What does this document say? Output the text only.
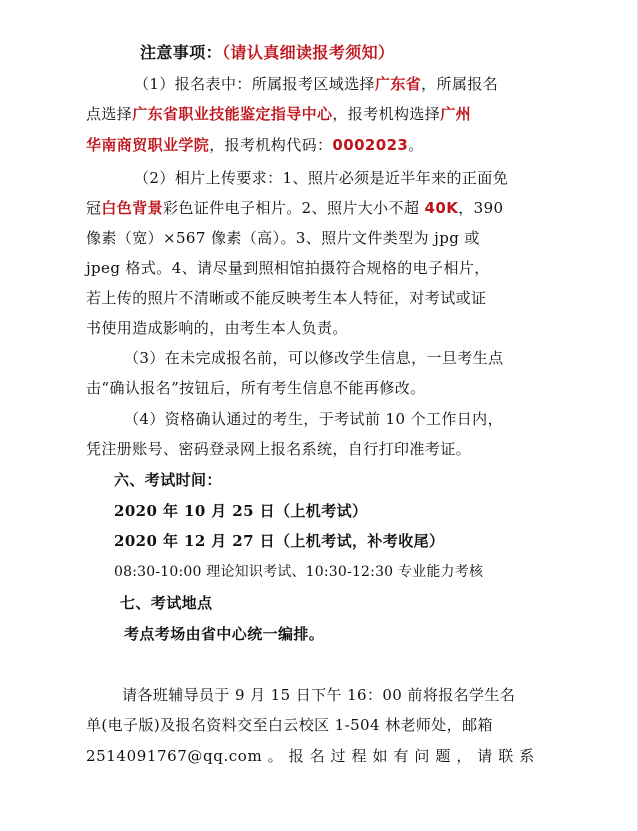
注意事项：（请认真细读报考须知）
（1）报名表中：所属报考区域选择广东省，所属报名
点选择广东省职业技能鉴定指导中心，报考机构选择广州
华南商贸职业学院，报考机构代码：0002023。
（2）相片上传要求：1、照片必须是近半年来的正面免
冠白色背景彩色证件电子相片。2、照片大小不超 40K，390
像素（宽）×567 像素（高）。3、照片文件类型为 jpg 或
jpeg 格式。4、请尽量到照相馆拍摄符合规格的电子相片，
若上传的照片不清晰或不能反映考生本人特征，对考试或证
书使用造成影响的，由考生本人负责。
（3）在未完成报名前，可以修改学生信息，一旦考生点
击“确认报名”按钮后，所有考生信息不能再修改。
（4）资格确认通过的考生，于考试前 10 个工作日内，
凭注册账号、密码登录网上报名系统，自行打印准考证。
六、考试时间：
2020 年 10 月 25 日（上机考试）
2020 年 12 月 27 日（上机考试，补考收尾）
08:30-10:00 理论知识考试、10:30-12:30 专业能力考核
七、考试地点
考点考场由省中心统一编排。
请各班辅导员于 9 月 15 日下午 16：00 前将报名学生名
单(电子版)及报名资料交至白云校区 1-504 林老师处，邮箱
2514091767@qq.com 。 报 名 过 程 如 有 问 题 ， 请 联 系
